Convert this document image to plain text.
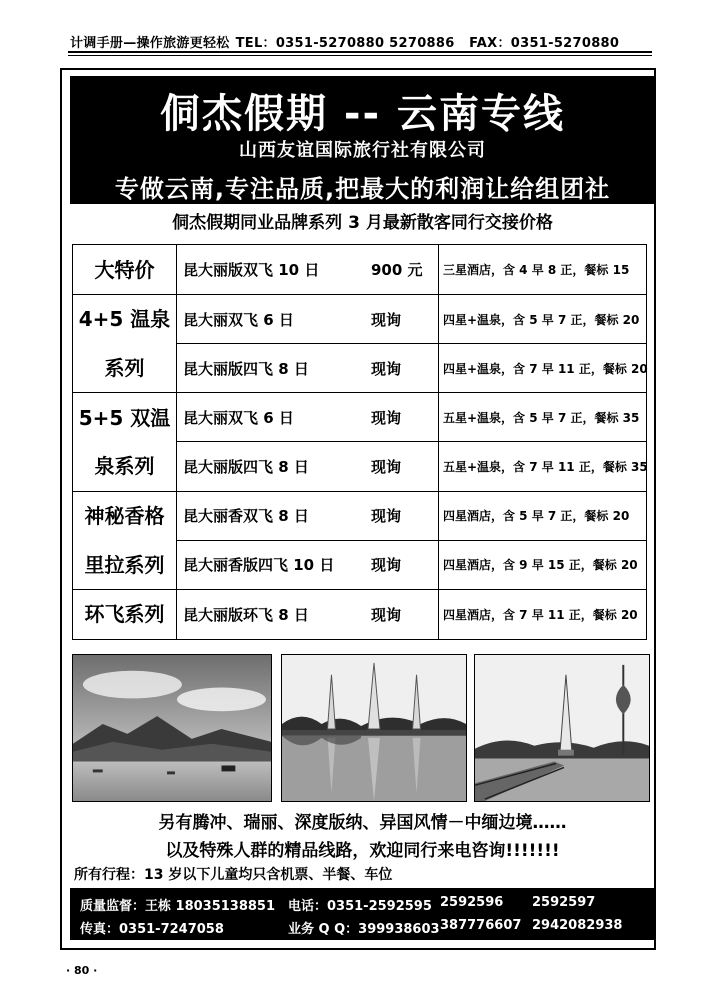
计调手册—操作旅游更轻松 TEL：0351-5270880 5270886 FAX：0351-5270880
侗杰假期 -- 云南专线
山西友谊国际旅行社有限公司
专做云南,专注品质,把最大的利润让给组团社
侗杰假期同业品牌系列 3 月最新散客同行交接价格
大特价	昆大丽版双飞 10 日 900 元	三星酒店，含 4 早 8 正，餐标 15
4+5 温泉	昆大丽双飞 6 日 现询	四星+温泉，含 5 早 7 正，餐标 20
系列	昆大丽版四飞 8 日 现询	四星+温泉，含 7 早 11 正，餐标 20
5+5 双温	昆大丽双飞 6 日 现询	五星+温泉，含 5 早 7 正，餐标 35
泉系列	昆大丽版四飞 8 日 现询	五星+温泉，含 7 早 11 正，餐标 35
神秘香格	昆大丽香双飞 8 日 现询	四星酒店，含 5 早 7 正，餐标 20
里拉系列	昆大丽香版四飞 10 日 现询	四星酒店，含 9 早 15 正，餐标 20
环飞系列	昆大丽版环飞 8 日 现询	四星酒店，含 7 早 11 正，餐标 20
另有腾冲、瑞丽、深度版纳、异国风情－中缅边境……
以及特殊人群的精品线路，欢迎同行来电咨询!!!!!!!
所有行程：13 岁以下儿童均只含机票、半餐、车位
质量监督：王栋 18035138851 电话：0351-2592595 2592596 2592597
传真：0351-7247058	业务 Q Q：399938603 387776607 2942082938
· 80 ·
